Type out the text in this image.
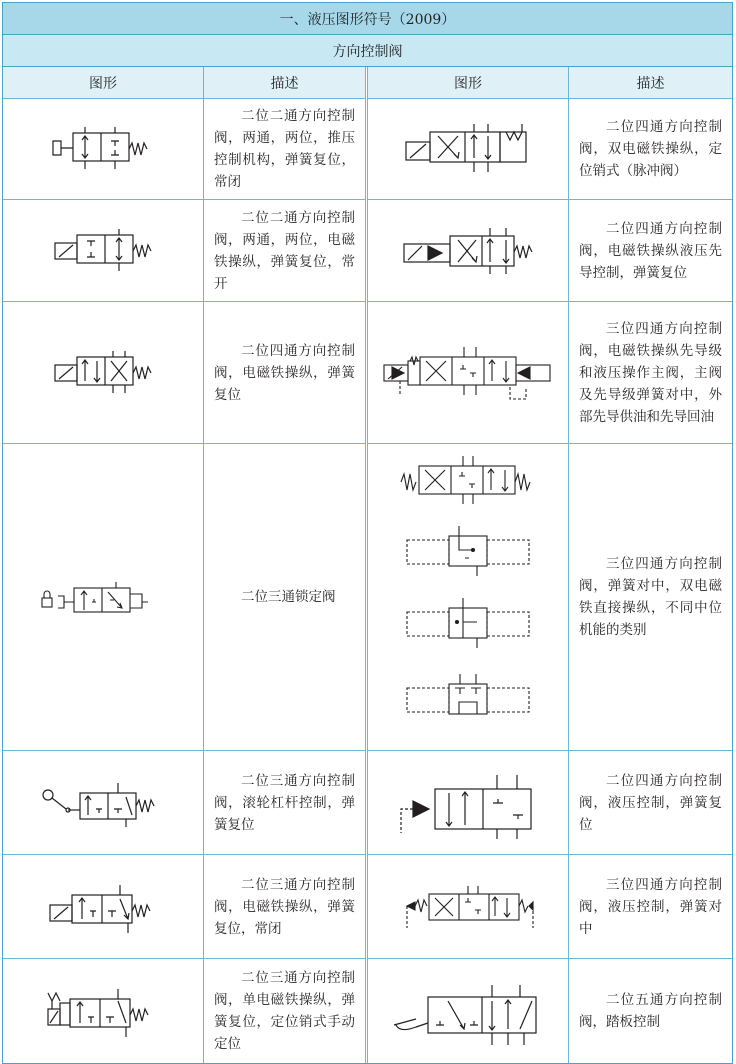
一、液压图形符号（2009）
方向控制阀
图形	描述
二位二通方向控制阀，两通，两位，推压控制机构，弹簧复位，常闭
二位二通方向控制阀，两通，两位，电磁铁操纵，弹簧复位，常开
二位四通方向控制阀，电磁铁操纵，弹簧复位
二位三通锁定阀
二位三通方向控制阀，滚轮杠杆控制，弹簧复位
二位三通方向控制阀，电磁铁操纵，弹簧复位，常闭
二位三通方向控制阀，单电磁铁操纵，弹簧复位，定位销式手动定位
图形	描述
二位四通方向控制阀，双电磁铁操纵，定位销式（脉冲阀）
二位四通方向控制阀，电磁铁操纵液压先导控制，弹簧复位
三位四通方向控制阀，电磁铁操纵先导级和液压操作主阀，主阀及先导级弹簧对中，外部先导供油和先导回油
三位四通方向控制阀，弹簧对中，双电磁铁直接操纵，不同中位机能的类别
二位四通方向控制阀，液压控制，弹簧复位
三位四通方向控制阀，液压控制，弹簧对中
二位五通方向控制阀，踏板控制
